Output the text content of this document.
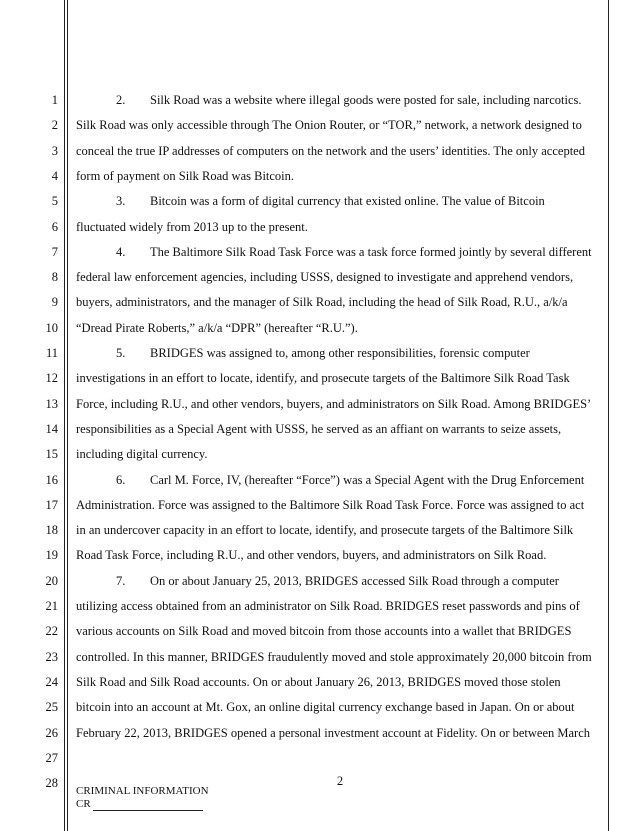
1
2
3
4
5
6
7
8
9
10
11
12
13
14
15
16
17
18
19
20
21
22
23
24
25
26
27
28
2. Silk Road was a website where illegal goods were posted for sale, including narcotics.
Silk Road was only accessible through The Onion Router, or “TOR,” network, a network designed to
conceal the true IP addresses of computers on the network and the users’ identities. The only accepted
form of payment on Silk Road was Bitcoin.
3. Bitcoin was a form of digital currency that existed online. The value of Bitcoin
fluctuated widely from 2013 up to the present.
4. The Baltimore Silk Road Task Force was a task force formed jointly by several different
federal law enforcement agencies, including USSS, designed to investigate and apprehend vendors,
buyers, administrators, and the manager of Silk Road, including the head of Silk Road, R.U., a/k/a
“Dread Pirate Roberts,” a/k/a “DPR” (hereafter “R.U.”).
5. BRIDGES was assigned to, among other responsibilities, forensic computer
investigations in an effort to locate, identify, and prosecute targets of the Baltimore Silk Road Task
Force, including R.U., and other vendors, buyers, and administrators on Silk Road. Among BRIDGES’
responsibilities as a Special Agent with USSS, he served as an affiant on warrants to seize assets,
including digital currency.
6. Carl M. Force, IV, (hereafter “Force”) was a Special Agent with the Drug Enforcement
Administration. Force was assigned to the Baltimore Silk Road Task Force. Force was assigned to act
in an undercover capacity in an effort to locate, identify, and prosecute targets of the Baltimore Silk
Road Task Force, including R.U., and other vendors, buyers, and administrators on Silk Road.
7. On or about January 25, 2013, BRIDGES accessed Silk Road through a computer
utilizing access obtained from an administrator on Silk Road. BRIDGES reset passwords and pins of
various accounts on Silk Road and moved bitcoin from those accounts into a wallet that BRIDGES
controlled. In this manner, BRIDGES fraudulently moved and stole approximately 20,000 bitcoin from
Silk Road and Silk Road accounts. On or about January 26, 2013, BRIDGES moved those stolen
bitcoin into an account at Mt. Gox, an online digital currency exchange based in Japan. On or about
February 22, 2013, BRIDGES opened a personal investment account at Fidelity. On or between March
2
CRIMINAL INFORMATION
CR
